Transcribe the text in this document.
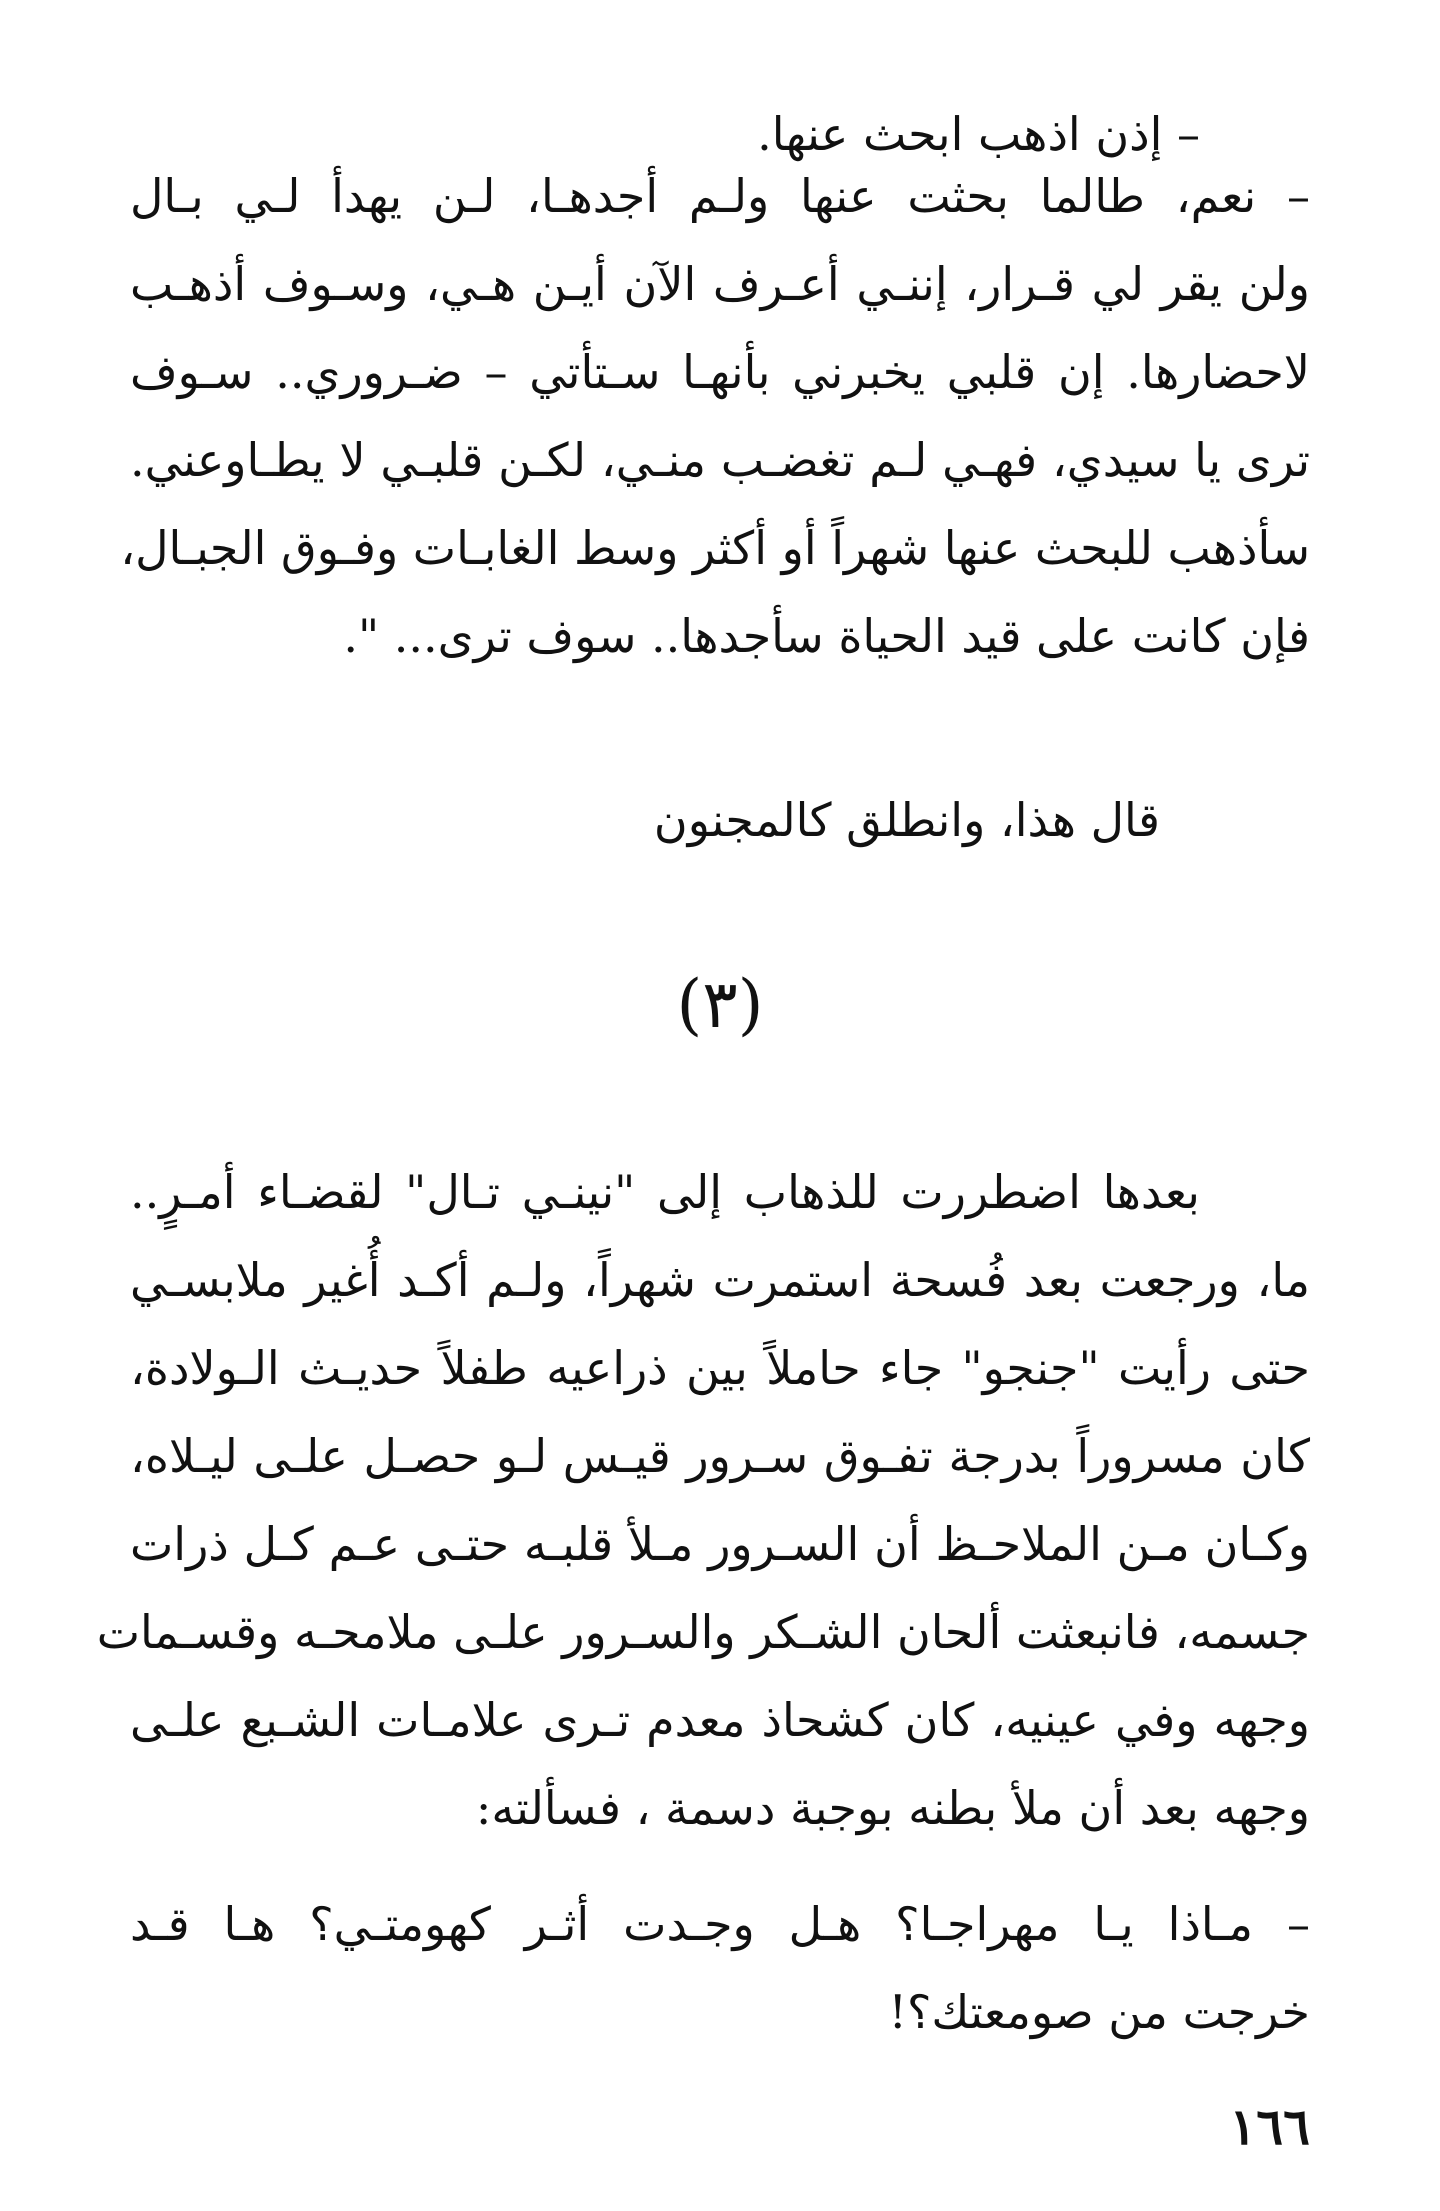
– إذن اذهب ابحث عنها.

– نعم، طالما بحثت عنها ولـم أجدهـا، لـن يهدأ لـي بـال
ولن يقر لي قـرار، إننـي أعـرف الآن أيـن هـي، وسـوف أذهـب
لاحضارها. إن قلبي يخبرني بأنهـا سـتأتي – ضـروري.. سـوف
ترى يا سيدي، فهـي لـم تغضـب منـي، لكـن قلبـي لا يطـاوعني.
سأذهب للبحث عنها شهراً أو أكثر وسط الغابـات وفـوق الجبـال،
فإن كانت على قيد الحياة سأجدها.. سوف ترى... ".

قال هذا، وانطلق كالمجنون

(٣)

بعدها اضطررت للذهاب إلى "نينـي تـال" لقضـاء أمـرٍ..
ما، ورجعت بعد فُسحة استمرت شهراً، ولـم أكـد أُغير ملابسـي
حتى رأيت "جنجو" جاء حاملاً بين ذراعيه طفلاً حديـث الـولادة،
كان مسروراً بدرجة تفـوق سـرور قيـس لـو حصـل علـى ليـلاه،
وكـان مـن الملاحـظ أن السـرور مـلأ قلبـه حتـى عـم كـل ذرات
جسمه، فانبعثت ألحان الشـكر والسـرور علـى ملامحـه وقسـمات
وجهه وفي عينيه، كان كشحاذ معدم تـرى علامـات الشـبع علـى
وجهه بعد أن ملأ بطنه بوجبة دسمة ، فسألته:
– مـاذا يـا مهراجـا؟ هـل وجـدت أثـر كهومتـي؟ هـا قـد
خرجت من صومعتك؟!

١٦٦
